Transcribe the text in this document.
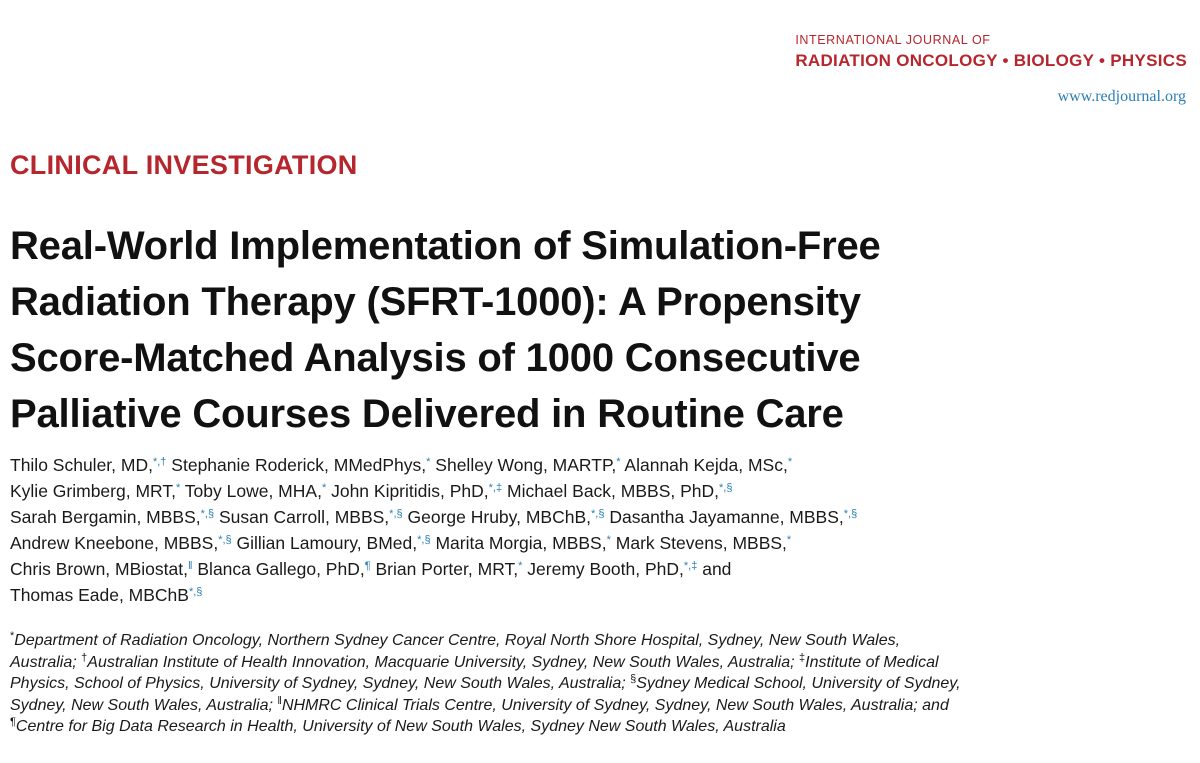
INTERNATIONAL JOURNAL OF
RADIATION ONCOLOGY • BIOLOGY • PHYSICS
www.redjournal.org
CLINICAL INVESTIGATION
Real-World Implementation of Simulation-Free
Radiation Therapy (SFRT-1000): A Propensity
Score-Matched Analysis of 1000 Consecutive
Palliative Courses Delivered in Routine Care
Thilo Schuler, MD,*,† Stephanie Roderick, MMedPhys,* Shelley Wong, MARTP,* Alannah Kejda, MSc,*
Kylie Grimberg, MRT,* Toby Lowe, MHA,* John Kipritidis, PhD,*,‡ Michael Back, MBBS, PhD,*,§
Sarah Bergamin, MBBS,*,§ Susan Carroll, MBBS,*,§ George Hruby, MBChB,*,§ Dasantha Jayamanne, MBBS,*,§
Andrew Kneebone, MBBS,*,§ Gillian Lamoury, BMed,*,§ Marita Morgia, MBBS,* Mark Stevens, MBBS,*
Chris Brown, MBiostat,‖ Blanca Gallego, PhD,¶ Brian Porter, MRT,* Jeremy Booth, PhD,*,‡ and
Thomas Eade, MBChB*,§
*Department of Radiation Oncology, Northern Sydney Cancer Centre, Royal North Shore Hospital, Sydney, New South Wales,
Australia; †Australian Institute of Health Innovation, Macquarie University, Sydney, New South Wales, Australia; ‡Institute of Medical
Physics, School of Physics, University of Sydney, Sydney, New South Wales, Australia; §Sydney Medical School, University of Sydney,
Sydney, New South Wales, Australia; ‖NHMRC Clinical Trials Centre, University of Sydney, Sydney, New South Wales, Australia; and
¶Centre for Big Data Research in Health, University of New South Wales, Sydney New South Wales, Australia
